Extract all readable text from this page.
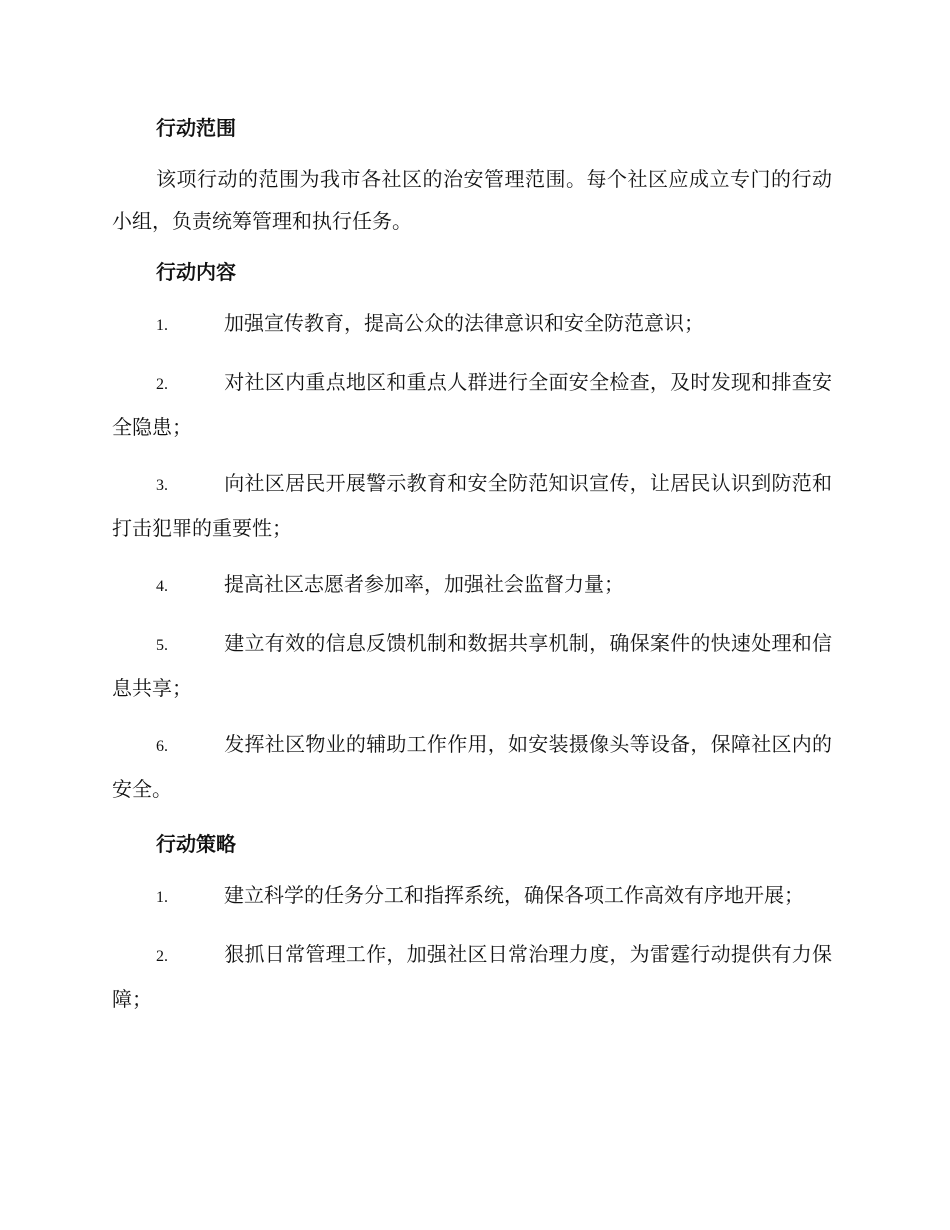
行动范围

该项行动的范围为我市各社区的治安管理范围。每个社区应成立专门的行动小组，负责统筹管理和执行任务。

行动内容
1.	加强宣传教育，提高公众的法律意识和安全防范意识；
2.	对社区内重点地区和重点人群进行全面安全检查，及时发现和排查安全隐患；
3.	向社区居民开展警示教育和安全防范知识宣传，让居民认识到防范和打击犯罪的重要性；
4.	提高社区志愿者参加率，加强社会监督力量；
5.	建立有效的信息反馈机制和数据共享机制，确保案件的快速处理和信息共享；
6.	发挥社区物业的辅助工作作用，如安装摄像头等设备，保障社区内的安全。
行动策略
1.	建立科学的任务分工和指挥系统，确保各项工作高效有序地开展；
2.	狠抓日常管理工作，加强社区日常治理力度，为雷霆行动提供有力保障；
